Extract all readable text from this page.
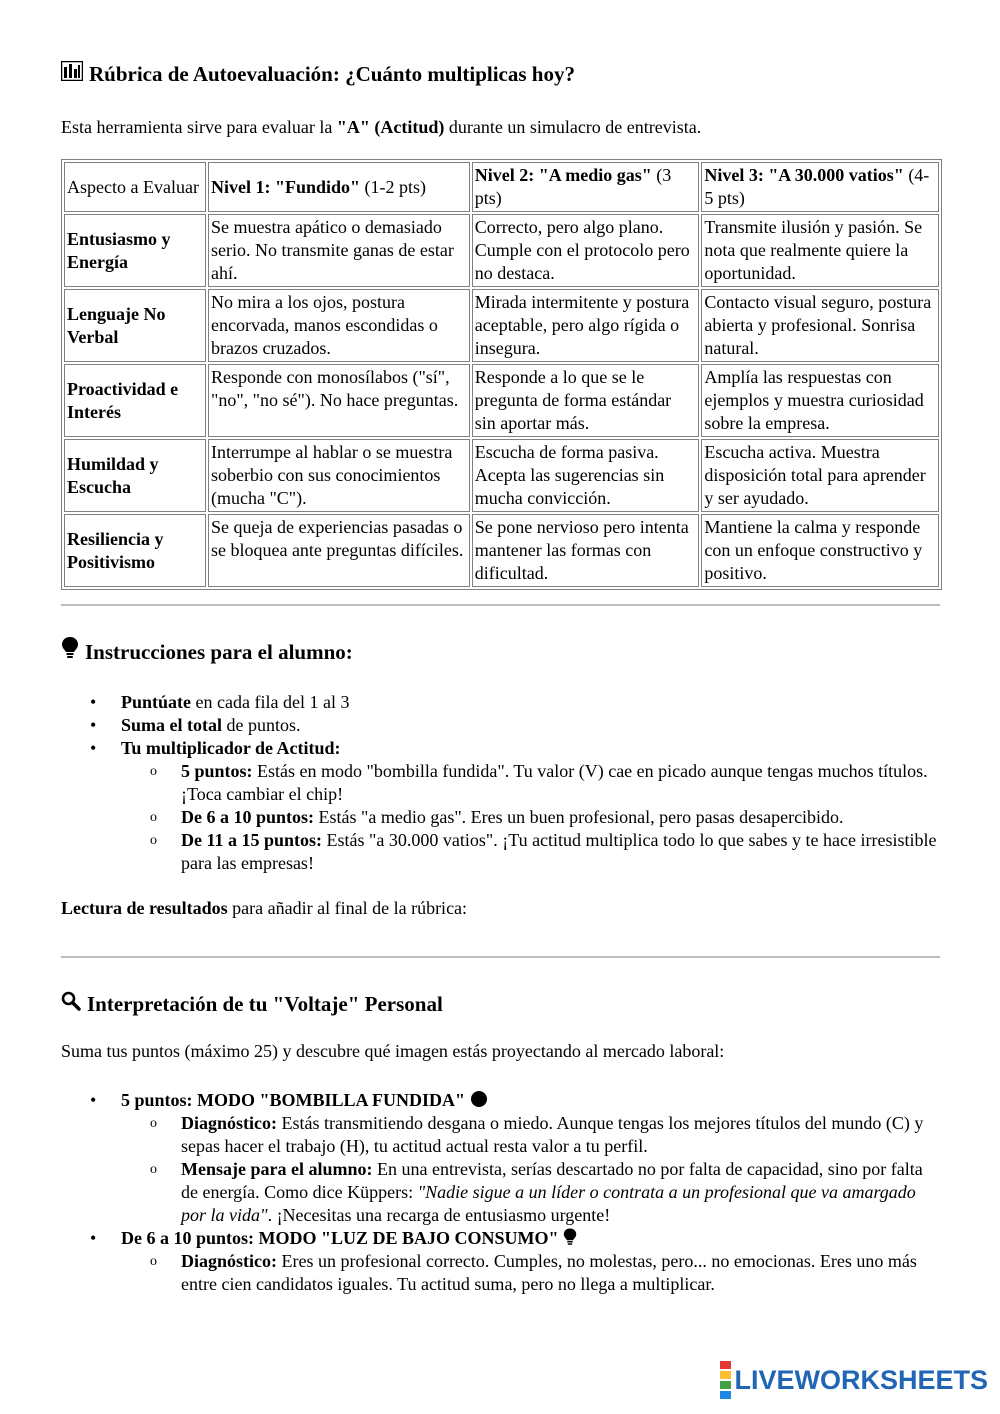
Rúbrica de Autoevaluación: ¿Cuánto multiplicas hoy?

Esta herramienta sirve para evaluar la "A" (Actitud) durante un simulacro de entrevista.

Aspecto a Evaluar	Nivel 1: "Fundido" (1-2 pts)	Nivel 2: "A medio gas" (3 pts)	Nivel 3: "A 30.000 vatios" (4-5 pts)
Entusiasmo y Energía	Se muestra apático o demasiado serio. No transmite ganas de estar ahí.	Correcto, pero algo plano. Cumple con el protocolo pero no destaca.	Transmite ilusión y pasión. Se nota que realmente quiere la oportunidad.
Lenguaje No Verbal	No mira a los ojos, postura encorvada, manos escondidas o brazos cruzados.	Mirada intermitente y postura aceptable, pero algo rígida o insegura.	Contacto visual seguro, postura abierta y profesional. Sonrisa natural.
Proactividad e Interés	Responde con monosílabos ("sí", "no", "no sé"). No hace preguntas.	Responde a lo que se le pregunta de forma estándar sin aportar más.	Amplía las respuestas con ejemplos y muestra curiosidad sobre la empresa.
Humildad y Escucha	Interrumpe al hablar o se muestra soberbio con sus conocimientos (mucha "C").	Escucha de forma pasiva. Acepta las sugerencias sin mucha convicción.	Escucha activa. Muestra disposición total para aprender y ser ayudado.
Resiliencia y Positivismo	Se queja de experiencias pasadas o se bloquea ante preguntas difíciles.	Se pone nervioso pero intenta mantener las formas con dificultad.	Mantiene la calma y responde con un enfoque constructivo y positivo.
Instrucciones para el alumno:
• Puntúate en cada fila del 1 al 3
• Suma el total de puntos.
• Tu multiplicador de Actitud:
o 5 puntos: Estás en modo "bombilla fundida". Tu valor (V) cae en picado aunque tengas muchos títulos. ¡Toca cambiar el chip!
o De 6 a 10 puntos: Estás "a medio gas". Eres un buen profesional, pero pasas desapercibido.
o De 11 a 15 puntos: Estás "a 30.000 vatios". ¡Tu actitud multiplica todo lo que sabes y te hace irresistible para las empresas!

Lectura de resultados para añadir al final de la rúbrica:

Interpretación de tu "Voltaje" Personal

Suma tus puntos (máximo 25) y descubre qué imagen estás proyectando al mercado laboral:

• 5 puntos: MODO "BOMBILLA FUNDIDA"
o Diagnóstico: Estás transmitiendo desgana o miedo. Aunque tengas los mejores títulos del mundo (C) y sepas hacer el trabajo (H), tu actitud actual resta valor a tu perfil.
o Mensaje para el alumno: En una entrevista, serías descartado no por falta de capacidad, sino por falta de energía. Como dice Küppers: "Nadie sigue a un líder o contrata a un profesional que va amargado por la vida". ¡Necesitas una recarga de entusiasmo urgente!
• De 6 a 10 puntos: MODO "LUZ DE BAJO CONSUMO"
o Diagnóstico: Eres un profesional correcto. Cumples, no molestas, pero... no emocionas. Eres uno más entre cien candidatos iguales. Tu actitud suma, pero no llega a multiplicar.
LIVEWORKSHEETS
